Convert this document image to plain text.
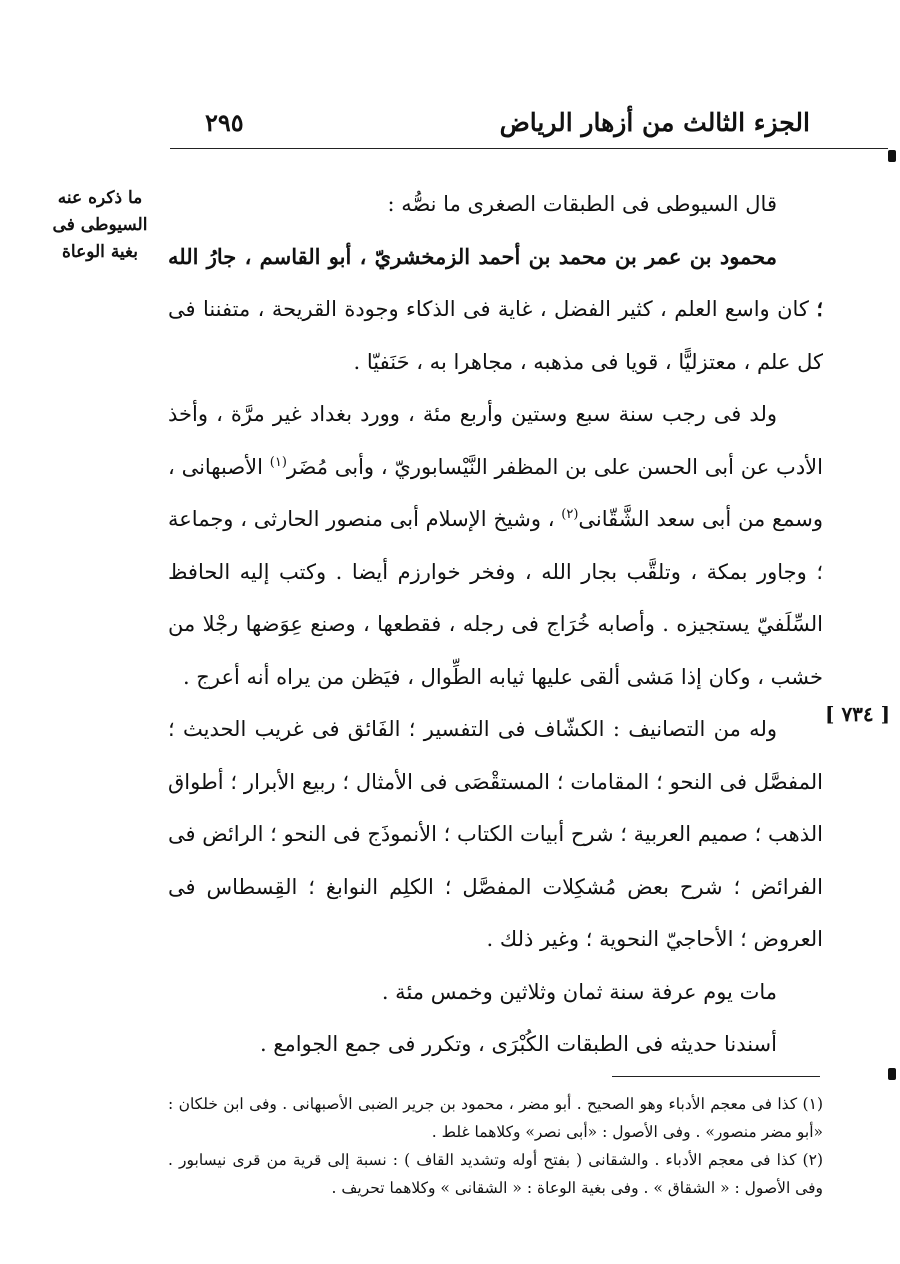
الجزء الثالث من أزهار الرياض
٢٩٥
ما ذكره عنه
السيوطى فى
بغية الوعاة
[ ٧٣٤ ]

قال السيوطى فى الطبقات الصغرى ما نصُّه :

محمود بن عمر بن محمد بن أحمد الزمخشريّ ، أبو القاسم ، جارُ الله ؛ كان واسع العلم ، كثير الفضل ، غاية فى الذكاء وجودة القريحة ، متفننا فى كل علم ، معتزليًّا ، قويا فى مذهبه ، مجاهرا به ، حَنَفيّا .

ولد فى رجب سنة سبع وستين وأربع مئة ، وورد بغداد غير مرَّة ، وأخذ الأدب عن أبى الحسن على بن المظفر النَّيْسابوريّ ، وأبى مُضَر$^{(١)}$ الأصبهانى ، وسمع من أبى سعد الشَّقّانى$^{(٢)}$ ، وشيخ الإسلام أبى منصور الحارثى ، وجماعة ؛ وجاور بمكة ، وتلقَّب بجار الله ، وفخر خوارزم أيضا . وكتب إليه الحافظ السِّلَفيّ يستجيزه . وأصابه خُرَاج فى رجله ، فقطعها ، وصنع عِوَضها رجْلا من خشب ، وكان إذا مَشى ألقى عليها ثيابه الطِّوال ، فيَظن من يراه أنه أعرج .

وله من التصانيف : الكشّاف فى التفسير ؛ الفَائق فى غريب الحديث ؛ المفصَّل فى النحو ؛ المقامات ؛ المستقْصَى فى الأمثال ؛ ربيع الأبرار ؛ أطواق الذهب ؛ صميم العربية ؛ شرح أبيات الكتاب ؛ الأنموذَج فى النحو ؛ الرائض فى الفرائض ؛ شرح بعض مُشكِلات المفصَّل ؛ الكلِم النوابغ ؛ القِسطاس فى العروض ؛ الأحاجيّ النحوية ؛ وغير ذلك .

مات يوم عرفة سنة ثمان وثلاثين وخمس مئة .

أسندنا حديثه فى الطبقات الكُبْرَى ، وتكرر فى جمع الجوامع .

(١) كذا فى معجم الأدباء وهو الصحيح . أبو مضر ، محمود بن جرير الضبى الأصبهانى . وفى ابن خلكان : «أبو مضر منصور» . وفى الأصول : «أبى نصر» وكلاهما غلط .

(٢) كذا فى معجم الأدباء . والشقانى ( بفتح أوله وتشديد القاف ) : نسبة إلى قرية من قرى نيسابور . وفى الأصول : « الشقاق » . وفى بغية الوعاة : « الشقانى » وكلاهما تحريف .
